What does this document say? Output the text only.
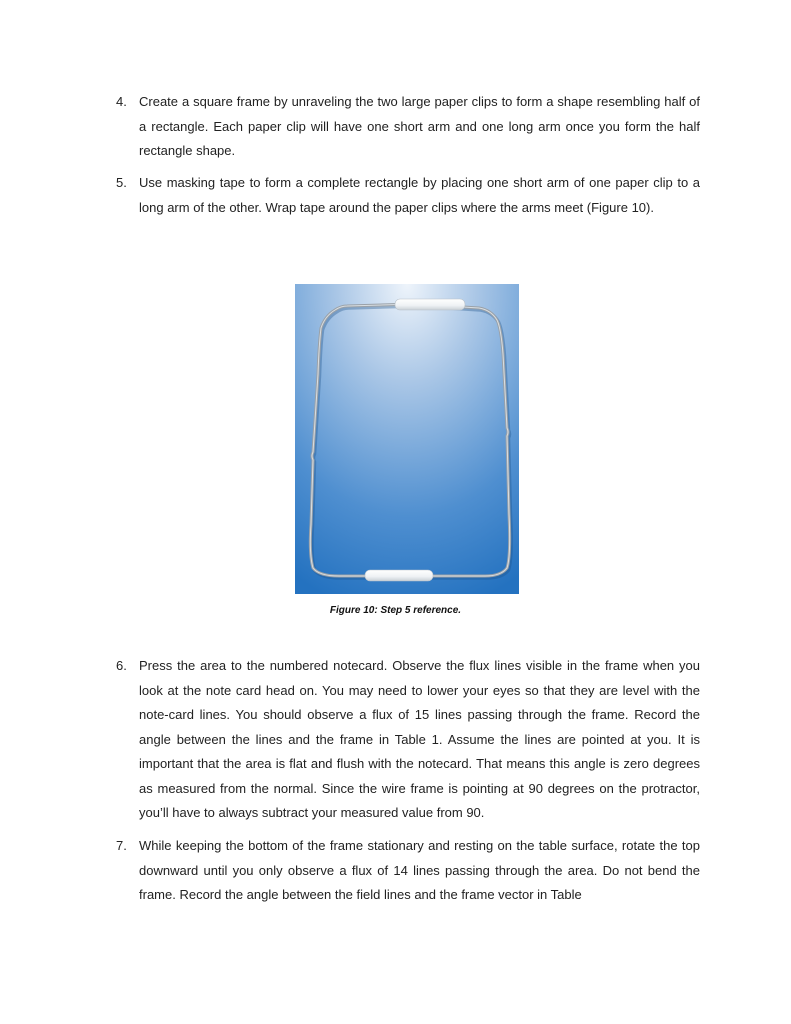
4. Create a square frame by unraveling the two large paper clips to form a shape resembling half of a rectangle. Each paper clip will have one short arm and one long arm once you form the half rectangle shape.
5. Use masking tape to form a complete rectangle by placing one short arm of one paper clip to a long arm of the other. Wrap tape around the paper clips where the arms meet (Figure 10).
Figure 10: Step 5 reference.
6. Press the area to the numbered notecard. Observe the flux lines visible in the frame when you look at the note card head on. You may need to lower your eyes so that they are level with the note-card lines. You should observe a flux of 15 lines passing through the frame. Record the angle between the lines and the frame in Table 1. Assume the lines are pointed at you. It is important that the area is flat and flush with the notecard. That means this angle is zero degrees as measured from the normal. Since the wire frame is pointing at 90 degrees on the protractor, you’ll have to always subtract your measured value from 90.
7. While keeping the bottom of the frame stationary and resting on the table surface, rotate the top downward until you only observe a flux of 14 lines passing through the area. Do not bend the frame. Record the angle between the field lines and the frame vector in Table
